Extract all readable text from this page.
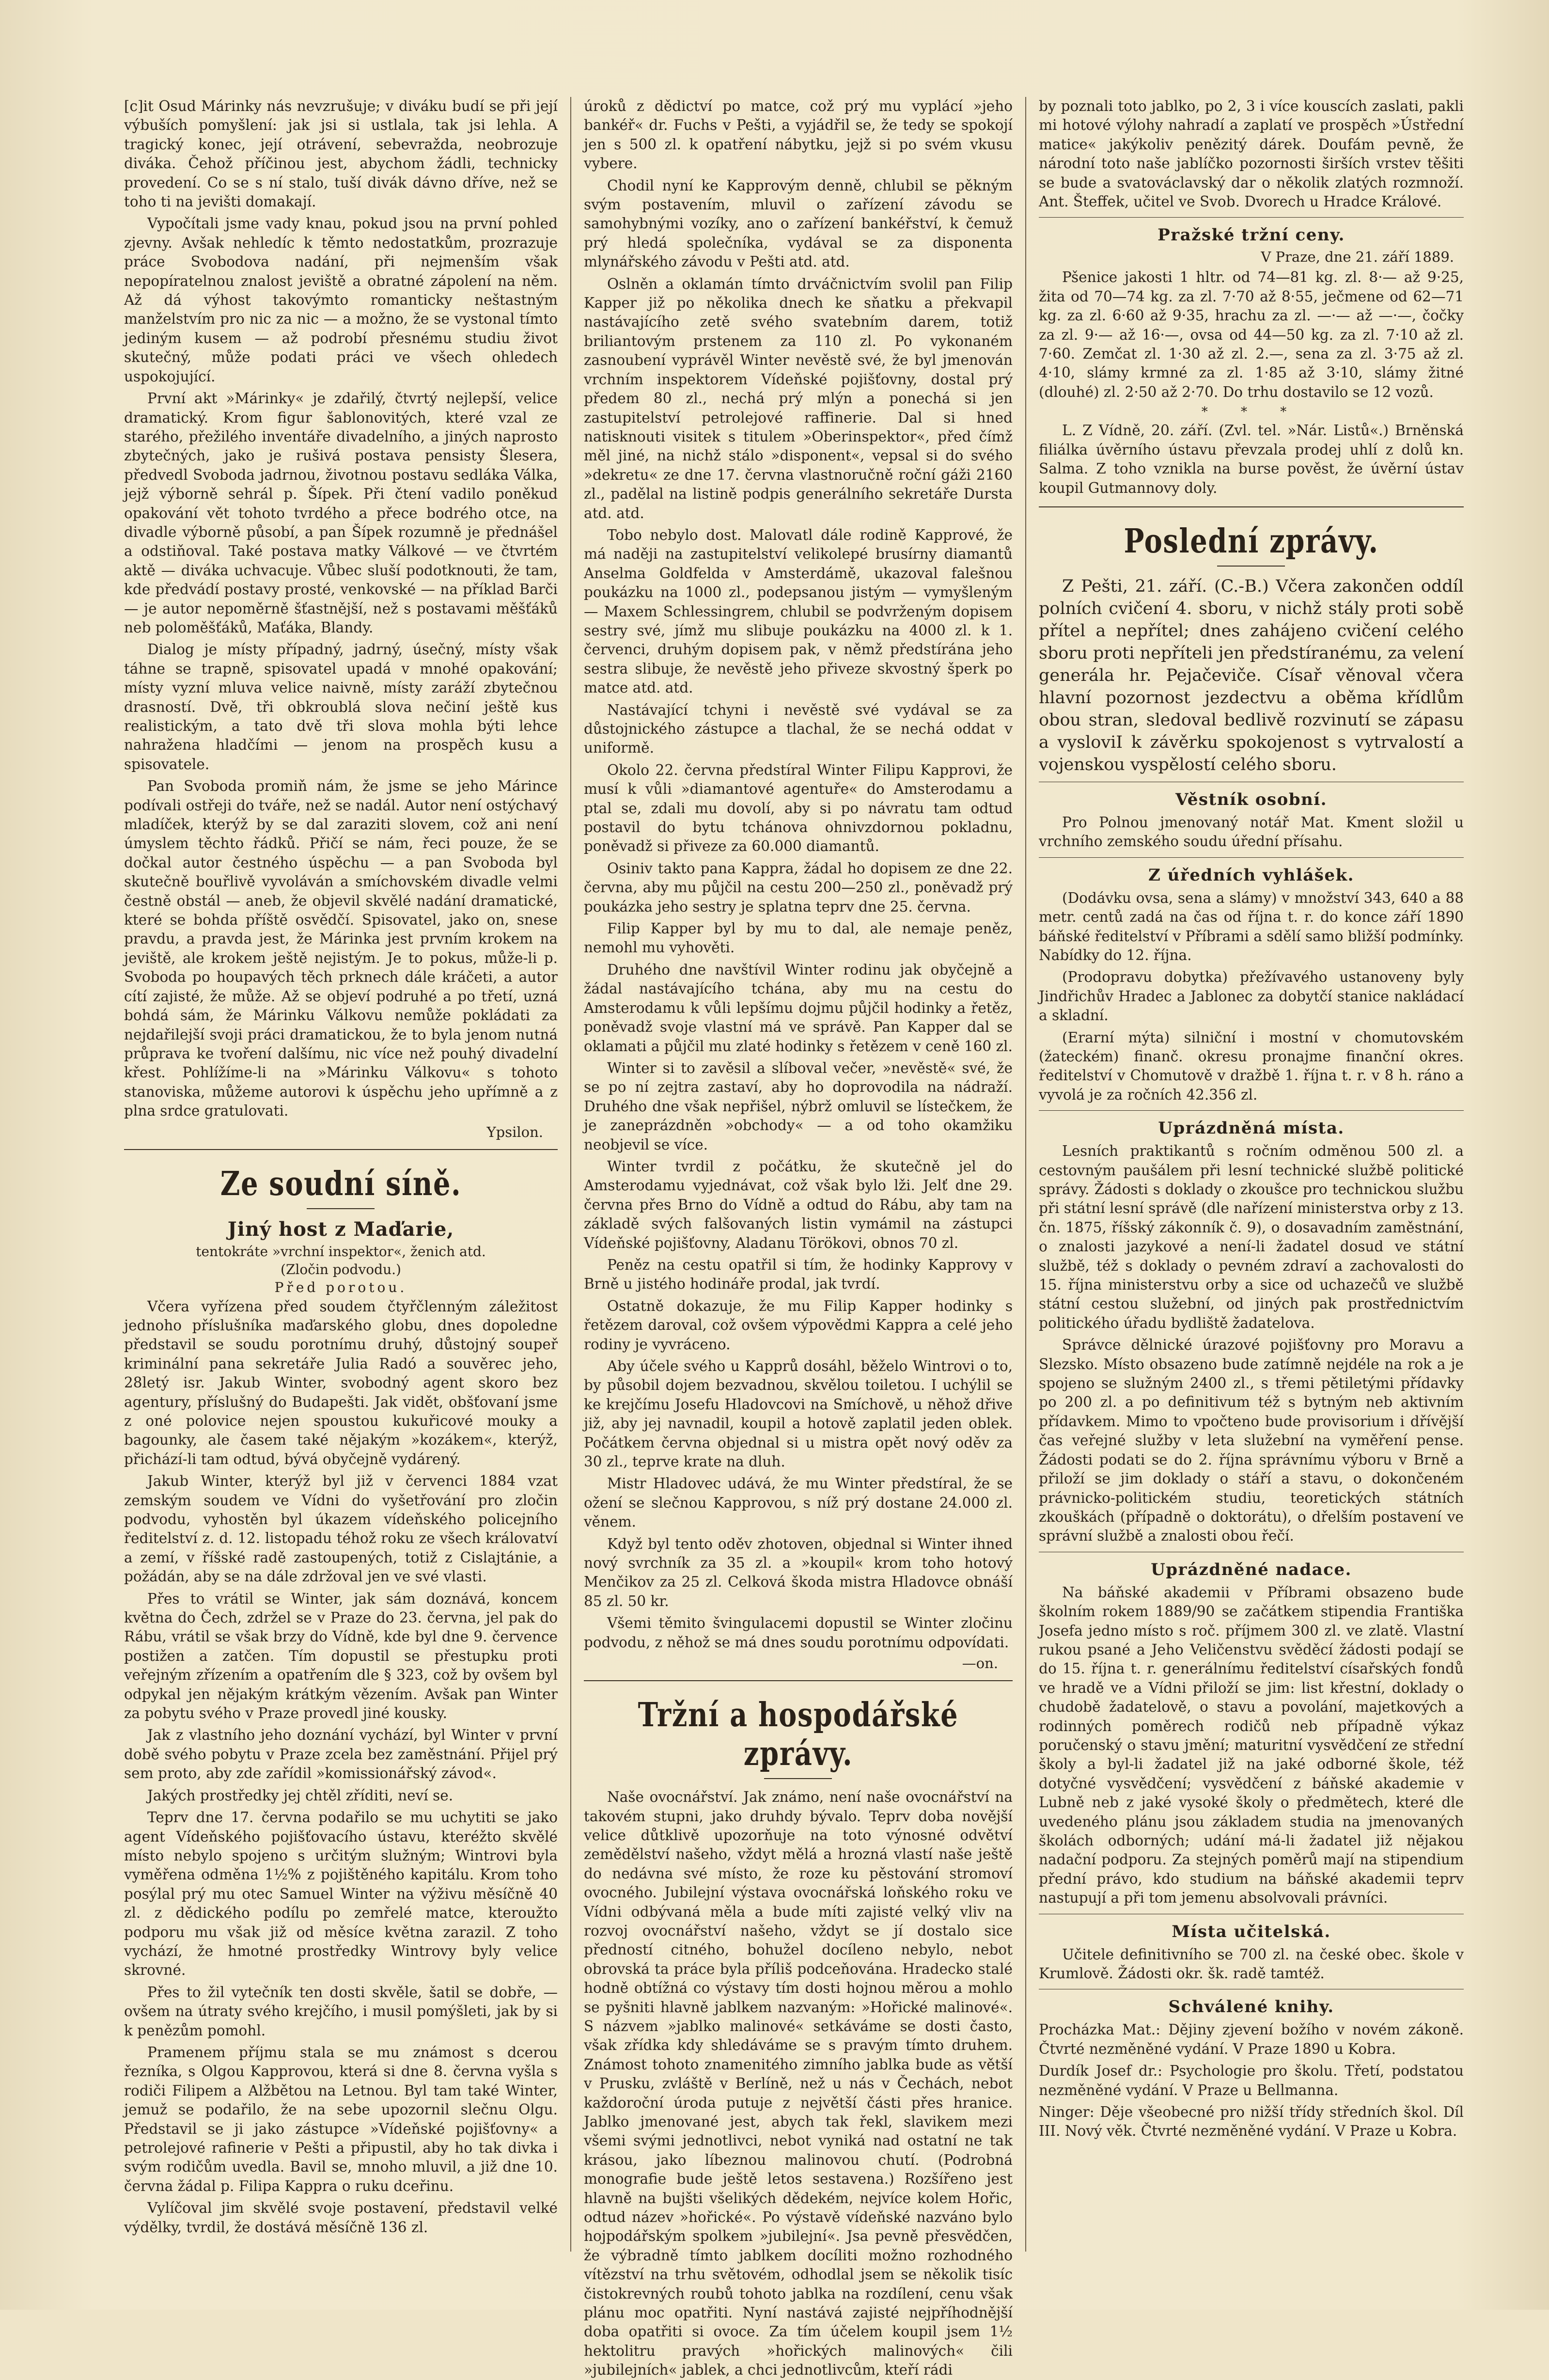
[c]it Osud Márinky nás nevzrušuje; v diváku budí se při její výbuších pomyšlení: jak jsi si ustlala, tak jsi lehla. A tragický konec, její otrávení, sebevražda, neobrozuje diváka. Čehož příčinou jest, abychom žádli, technicky provedení. Co se s ní stalo, tuší divák dávno dříve, než se toho ti na jevišti domakají.

Vypočítali jsme vady knau, pokud jsou na první pohled zjevny. Avšak nehledíc k těmto nedostatkům, prozrazuje práce Svobodova nadání, při nejmenším však nepopíratelnou znalost jeviště a obratné zápolení na něm. Až dá výhost takovýmto romanticky neštastným manželstvím pro nic za nic — a možno, že se vystonal tímto jediným kusem — až podrobí přesnému studiu život skutečný, může podati práci ve všech ohledech uspokojující.

První akt »Márinky« je zdařilý, čtvrtý nejlepší, velice dramatický. Krom figur šablonovitých, které vzal ze starého, přežilého inventáře divadelního, a jiných naprosto zbytečných, jako je rušivá postava pensisty Šlesera, předvedl Svoboda jadrnou, životnou postavu sedláka Válka, jejž výborně sehrál p. Šípek. Při čtení vadilo poněkud opakování vět tohoto tvrdého a přece bodrého otce, na divadle výborně působí, a pan Šípek rozumně je přednášel a odstiňoval. Také postava matky Válkové — ve čtvrtém aktě — diváka uchvacuje. Vůbec sluší podotknouti, že tam, kde předvádí postavy prosté, venkovské — na příklad Barči — je autor nepoměrně šťastnější, než s postavami měšťáků neb poloměšťáků, Maťáka, Blandy.

Dialog je místy případný, jadrný, úsečný, místy však táhne se trapně, spisovatel upadá v mnohé opakování; místy vyzní mluva velice naivně, místy zaráží zbytečnou drasností. Dvě, tři obkroublá slova nečiní ještě kus realistickým, a tato dvě tři slova mohla býti lehce nahražena hladčími — jenom na prospěch kusu a spisovatele.

Pan Svoboda promiň nám, že jsme se jeho Márince podívali ostřeji do tváře, než se nadál. Autor není ostýchavý mladíček, kterýž by se dal zaraziti slovem, což ani není úmyslem těchto řádků. Přičí se nám, řeci pouze, že se dočkal autor čestného úspěchu — a pan Svoboda byl skutečně bouřlivě vyvoláván a smíchovském divadle velmi čestně obstál — aneb, že objevil skvělé nadání dramatické, které se bohda příště osvědčí. Spisovatel, jako on, snese pravdu, a pravda jest, že Márinka jest prvním krokem na jeviště, ale krokem ještě nejistým. Je to pokus, může-li p. Svoboda po houpavých těch prknech dále kráčeti, a autor cítí zajisté, že může. Až se objeví podruhé a po třetí, uzná bohdá sám, že Márinku Válkovu nemůže pokládati za nejdařilejší svoji práci dramatickou, že to byla jenom nutná průprava ke tvoření dalšímu, nic více než pouhý divadelní křest. Pohlížíme-li na »Márinku Válkovu« s tohoto stanoviska, můžeme autorovi k úspěchu jeho upřímně a z plna srdce gratulovati.

Ypsilon.
Ze soudní síně.
Jiný host z Maďarie,
tentokráte »vrchní inspektor«, ženich atd.
(Zločin podvodu.)
Před porotou.

Včera vyřízena před soudem čtyřčlenným záležitost jednoho příslušníka maďarského globu, dnes dopoledne představil se soudu porotnímu druhý, důstojný soupeř kriminální pana sekretáře Julia Radó a souvěrec jeho, 28letý isr. Jakub Winter, svobodný agent skoro bez agentury, příslušný do Budapešti. Jak vidět, obšťovaní jsme z oné polovice nejen spoustou kukuřicové mouky a bagounky, ale časem také nějakým »kozákem«, kterýž, přichází-li tam odtud, bývá obyčejně vydárený.

Jakub Winter, kterýž byl již v červenci 1884 vzat zemským soudem ve Vídni do vyšetřování pro zločin podvodu, vyhostěn byl úkazem vídeňského policejního ředitelství z. d. 12. listopadu téhož roku ze všech královatví a zemí, v říšské radě zastoupených, totiž z Cislajtánie, a požádán, aby se na dále zdržoval jen ve své vlasti.

Přes to vrátil se Winter, jak sám doznává, koncem května do Čech, zdržel se v Praze do 23. června, jel pak do Rábu, vrátil se však brzy do Vídně, kde byl dne 9. července postižen a zatčen. Tím dopustil se přestupku proti veřejným zřízením a opatřením dle § 323, což by ovšem byl odpykal jen nějakým krátkým vězením. Avšak pan Winter za pobytu svého v Praze provedl jiné kousky.

Jak z vlastního jeho doznání vychází, byl Winter v první době svého pobytu v Praze zcela bez zaměstnání. Přijel prý sem proto, aby zde zařídil »komissionářský závod«.

Jakých prostředky jej chtěl zříditi, neví se.

Teprv dne 17. června podařilo se mu uchytiti se jako agent Vídeňského pojišťovacího ústavu, kteréžto skvělé místo nebylo spojeno s určitým služným; Wintrovi byla vyměřena odměna 1½% z pojištěného kapitálu. Krom toho posýlal prý mu otec Samuel Winter na výživu měsíčně 40 zl. z dědického podílu po zemřelé matce, kteroužto podporu mu však již od měsíce května zarazil. Z toho vychází, že hmotné prostředky Wintrovy byly velice skrovné.

Přes to žil vytečník ten dosti skvěle, šatil se dobře, — ovšem na útraty svého krejčího, i musil pomýšleti, jak by si k penězům pomohl.

Pramenem příjmu stala se mu známost s dcerou řezníka, s Olgou Kapprovou, která si dne 8. června vyšla s rodiči Filipem a Alžbětou na Letnou. Byl tam také Winter, jemuž se podařilo, že na sebe upozornil slečnu Olgu. Představil se ji jako zástupce »Vídeňské pojišťovny« a petrolejové rafinerie v Pešti a připustil, aby ho tak divka i svým rodičům uvedla. Bavil se, mnoho mluvil, a již dne 10. června žádal p. Filipa Kappra o ruku dceřinu.

Vylíčoval jim skvělé svoje postavení, představil velké výdělky, tvrdil, že dostává měsíčně 136 zl.

úroků z dědictví po matce, což prý mu vyplácí »jeho bankéř« dr. Fuchs v Pešti, a vyjádřil se, že tedy se spokojí jen s 500 zl. k opatření nábytku, jejž si po svém vkusu vybere.

Chodil nyní ke Kapprovým denně, chlubil se pěkným svým postavením, mluvil o zařízení závodu se samohybnými vozíky, ano o zařízení bankéřství, k čemuž prý hledá společníka, vydával se za disponenta mlynářského závodu v Pešti atd. atd.

Oslněn a oklamán tímto drváčnictvím svolil pan Filip Kapper již po několika dnech ke sňatku a překvapil nastávajícího zetě svého svatebním darem, totiž briliantovým prstenem za 110 zl. Po vykonaném zasnoubení vyprávěl Winter nevěstě své, že byl jmenován vrchním inspektorem Vídeňské pojišťovny, dostal prý předem 80 zl., nechá prý mlýn a ponechá si jen zastupitelství petrolejové raffinerie. Dal si hned natisknouti visitek s titulem »Oberinspektor«, před čímž měl jiné, na nichž stálo »disponent«, vepsal si do svého »dekretu« ze dne 17. června vlastnoručně roční gáži 2160 zl., padělal na listině podpis generálního sekretáře Dursta atd. atd.

Tobo nebylo dost. Malovatl dále rodině Kapprové, že má naději na zastupitelství velikolepé brusírny diamantů Anselma Goldfelda v Amsterdámě, ukazoval falešnou poukázku na 1000 zl., podepsanou jistým — vymyšleným — Maxem Schlessingrem, chlubil se podvrženým dopisem sestry své, jímž mu slibuje poukázku na 4000 zl. k 1. červenci, druhým dopisem pak, v němž předstírána jeho sestra slibuje, že nevěstě jeho přiveze skvostný šperk po matce atd. atd.

Nastávající tchyni i nevěstě své vydával se za důstojnického zástupce a tlachal, že se nechá oddat v uniformě.

Okolo 22. června předstíral Winter Filipu Kapprovi, že musí k vůli »diamantové agentuře« do Amsterodamu a ptal se, zdali mu dovolí, aby si po návratu tam odtud postavil do bytu tchánova ohnivzdornou pokladnu, poněvadž si přiveze za 60.000 diamantů.

Osiniv takto pana Kappra, žádal ho dopisem ze dne 22. června, aby mu půjčil na cestu 200—250 zl., poněvadž prý poukázka jeho sestry je splatna teprv dne 25. června.

Filip Kapper byl by mu to dal, ale nemaje peněz, nemohl mu vyhověti.

Druhého dne navštívil Winter rodinu jak obyčejně a žádal nastávajícího tchána, aby mu na cestu do Amsterodamu k vůli lepšímu dojmu půjčil hodinky a řetěz, poněvadž svoje vlastní má ve správě. Pan Kapper dal se oklamati a půjčil mu zlaté hodinky s řetězem v ceně 160 zl.

Winter si to zavěsil a slíboval večer, »nevěstě« své, že se po ní zejtra zastaví, aby ho doprovodila na nádraží. Druhého dne však nepřišel, nýbrž omluvil se lístečkem, že je zaneprázdněn »obchody« — a od toho okamžiku neobjevil se více.

Winter tvrdil z počátku, že skutečně jel do Amsterodamu vyjednávat, což však bylo lži. Jelť dne 29. června přes Brno do Vídně a odtud do Rábu, aby tam na základě svých falšovaných listin vymámil na zástupci Vídeňské pojišťovny, Aladanu Törökovi, obnos 70 zl.

Peněz na cestu opatřil si tím, že hodinky Kapprovy v Brně u jistého hodináře prodal, jak tvrdí.

Ostatně dokazuje, že mu Filip Kapper hodinky s řetězem daroval, což ovšem výpovědmi Kappra a celé jeho rodiny je vyvráceno.

Aby účele svého u Kapprů dosáhl, běželo Wintrovi o to, by působil dojem bezvadnou, skvělou toiletou. I uchýlil se ke krejčímu Josefu Hladovcovi na Smíchově, u něhož dřive již, aby jej navnadil, koupil a hotově zaplatil jeden oblek. Počátkem června objednal si u mistra opět nový oděv za 30 zl., teprve krate na dluh.

Mistr Hladovec udává, že mu Winter předstíral, že se ožení se slečnou Kapprovou, s níž prý dostane 24.000 zl. věnem.

Když byl tento oděv zhotoven, objednal si Winter ihned nový svrchník za 35 zl. a »koupil« krom toho hotový Menčikov za 25 zl. Celková škoda mistra Hladovce obnáší 85 zl. 50 kr.

Všemi těmito švingulacemi dopustil se Winter zločinu podvodu, z něhož se má dnes soudu porotnímu odpovídati.

—on.
Tržní a hospodářské zprávy.

Naše ovocnářství. Jak známo, není naše ovocnářství na takovém stupni, jako druhdy bývalo. Teprv doba novější velice důtklivě upozorňuje na toto výnosné odvětví zemědělství našeho, vždyt mělá a hrozná vlastí naše ještě do nedávna své místo, že roze ku pěstování stromoví ovocného. Jubilejní výstava ovocnářská loňského roku ve Vídni odbývaná měla a bude míti zajisté velký vliv na rozvoj ovocnářství našeho, vždyt se jí dostalo sice předností citného, bohužel docíleno nebylo, nebot obrovská ta práce byla příliš podceňována. Hradecko stalé hodně obtížná co výstavy tím dosti hojnou měrou a mohlo se pyšniti hlavně jablkem nazvaným: »Hořické malinové«. S názvem »jablko malinové« setkáváme se dosti často, však zřídka kdy shledáváme se s pravým tímto druhem. Známost tohoto znamenitého zimního jablka bude as větší v Prusku, zvláště v Berlíně, než u nás v Čechách, nebot každoroční úroda putuje z největší části přes hranice. Jablko jmenované jest, abych tak řekl, slavikem mezi všemi svými jednotlivci, nebot vyniká nad ostatní ne tak krásou, jako líbeznou malinovou chutí. (Podrobná monografie bude ještě letos sestavena.) Rozšířeno jest hlavně na bujšti všelikých dědekém, nejvíce kolem Hořic, odtud název »hořické«. Po výstavě vídeňské nazváno bylo hojpodářským spolkem »jubilejní«. Jsa pevně přesvědčen, že výbradně tímto jablkem docíliti možno rozhodného vítězství na trhu světovém, odhodlal jsem se několik tisíc čistokrevných roubů tohoto jablka na rozdílení, cenu však plánu moc opatřiti. Nyní nastává zajisté nejpříhodnější doba opatřiti si ovoce. Za tím účelem koupil jsem 1½ hektolitru pravých »hořických malinových« čili »jubilejních« jablek, a chci jednotlivcům, kteří rádi

by poznali toto jablko, po 2, 3 i více kouscích zaslati, pakli mi hotové výlohy nahradí a zaplatí ve prospěch »Ústřední matice« jakýkoliv penězitý dárek. Doufám pevně, že národní toto naše jablíčko pozornosti širších vrstev těšiti se bude a svatováclavský dar o několik zlatých rozmnoží. Ant. Šteffek, učitel ve Svob. Dvorech u Hradce Králové.

Pražské tržní ceny.
V Praze, dne 21. září 1889.

Pšenice jakosti 1 hltr. od 74—81 kg. zl. 8·— až 9·25, žita od 70—74 kg. za zl. 7·70 až 8·55, ječmene od 62—71 kg. za zl. 6·60 až 9·35, hrachu za zl. —·— až —·—, čočky za zl. 9·— až 16·—, ovsa od 44—50 kg. za zl. 7·10 až zl. 7·60. Zemčat zl. 1·30 až zl. 2.—, sena za zl. 3·75 až zl. 4·10, slámy krmné za zl. 1·85 až 3·10, slámy žitné (dlouhé) zl. 2·50 až 2·70. Do trhu dostavilo se 12 vozů.

* * *

L. Z Vídně, 20. září. (Zvl. tel. »Nár. Listů«.) Brněnská filiálka úvěrního ústavu převzala prodej uhlí z dolů kn. Salma. Z toho vznikla na burse pověst, že úvěrní ústav koupil Gutmannovy doly.

Poslední zprávy.

Z Pešti, 21. září. (C.-B.) Včera zakončen oddíl polních cvičení 4. sboru, v nichž stály proti sobě přítel a nepřítel; dnes zahájeno cvičení celého sboru proti nepříteli jen předstíranému, za velení generála hr. Pejačeviče. Císař věnoval včera hlavní pozornost jezdectvu a oběma křídlům obou stran, sledoval bedlivě rozvinutí se zápasu a vysloviI k závěrku spokojenost s vytrvalostí a vojenskou vyspělostí celého sboru.

Věstník osobní.

Pro Polnou jmenovaný notář Mat. Kment složil u vrchního zemského soudu úřední přísahu.

Z úředních vyhlášek.

(Dodávku ovsa, sena a slámy) v množství 343, 640 a 88 metr. centů zadá na čas od října t. r. do konce září 1890 báňské ředitelství v Příbrami a sdělí samo bližší podmínky. Nabídky do 12. října.

(Prodopravu dobytka) přežívavého ustanoveny byly Jindřichův Hradec a Jablonec za dobytčí stanice nakládací a skladní.

(Erarní mýta) silniční i mostní v chomutovském (žateckém) finanč. okresu pronajme finanční okres. ředitelství v Chomutově v dražbě 1. října t. r. v 8 h. ráno a vyvolá je za ročních 42.356 zl.

Uprázdněná místa.

Lesních praktikantů s ročním odměnou 500 zl. a cestovným paušálem při lesní technické službě politické správy. Žádosti s doklady o zkoušce pro technickou službu při státní lesní správě (dle nařízení ministerstva orby z 13. čn. 1875, říšský zákonník č. 9), o dosavadním zaměstnání, o znalosti jazykové a není-li žadatel dosud ve státní službě, též s doklady o pevném zdraví a zachovalosti do 15. října ministerstvu orby a sice od uchazečů ve službě státní cestou služební, od jiných pak prostřednictvím politického úřadu bydliště žadatelova.

Správce dělnické úrazové pojišťovny pro Moravu a Slezsko. Místo obsazeno bude zatímně nejdéle na rok a je spojeno se služným 2400 zl., s třemi pětiletými přídavky po 200 zl. a po definitivum též s bytným neb aktivním přídavkem. Mimo to vpočteno bude provisorium i dřívější čas veřejné služby v leta služební na vyměření pense. Žádosti podati se do 2. října správnímu výboru v Brně a přiloží se jim doklady o stáří a stavu, o dokončeném právnicko-politickém studiu, teoretických státních zkouškách (případně o doktorátu), o dřelším postavení ve správní službě a znalosti obou řečí.

Uprázdněné nadace.

Na báňské akademii v Příbrami obsazeno bude školním rokem 1889/90 se začátkem stipendia Františka Josefa jedno místo s roč. příjmem 300 zl. ve zlatě. Vlastní rukou psané a Jeho Veličenstvu svěděcí žádosti podají se do 15. října t. r. generálnímu ředitelství císařských fondů ve hradě ve a Vídni přiloží se jim: list křestní, doklady o chudobě žadatelově, o stavu a povolání, majetkových a rodinných poměrech rodičů neb případně výkaz poručenský o stavu jmění; maturitní vysvědčení ze střední školy a byl-li žadatel již na jaké odborné škole, též dotyčné vysvědčení; vysvědčení z báňské akademie v Lubně neb z jaké vysoké školy o předmětech, které dle uvedeného plánu jsou základem studia na jmenovaných školách odborných; udání má-li žadatel již nějakou nadační podporu. Za stejných poměrů mají na stipendium přední právo, kdo studium na báňské akademii teprv nastupují a při tom jemenu absolvovali právníci.

Místa učitelská.

Učitele definitivního se 700 zl. na české obec. škole v Krumlově. Žádosti okr. šk. radě tamtéž.

Schválené knihy.

Procházka Mat.: Dějiny zjevení božího v novém zákoně. Čtvrté nezměněné vydání. V Praze 1890 u Kobra.

Durdík Josef dr.: Psychologie pro školu. Třetí, podstatou nezměněné vydání. V Praze u Bellmanna.

Ninger: Děje všeobecné pro nižší třídy středních škol. Díl III. Nový věk. Čtvrté nezměněné vydání. V Praze u Kobra.
